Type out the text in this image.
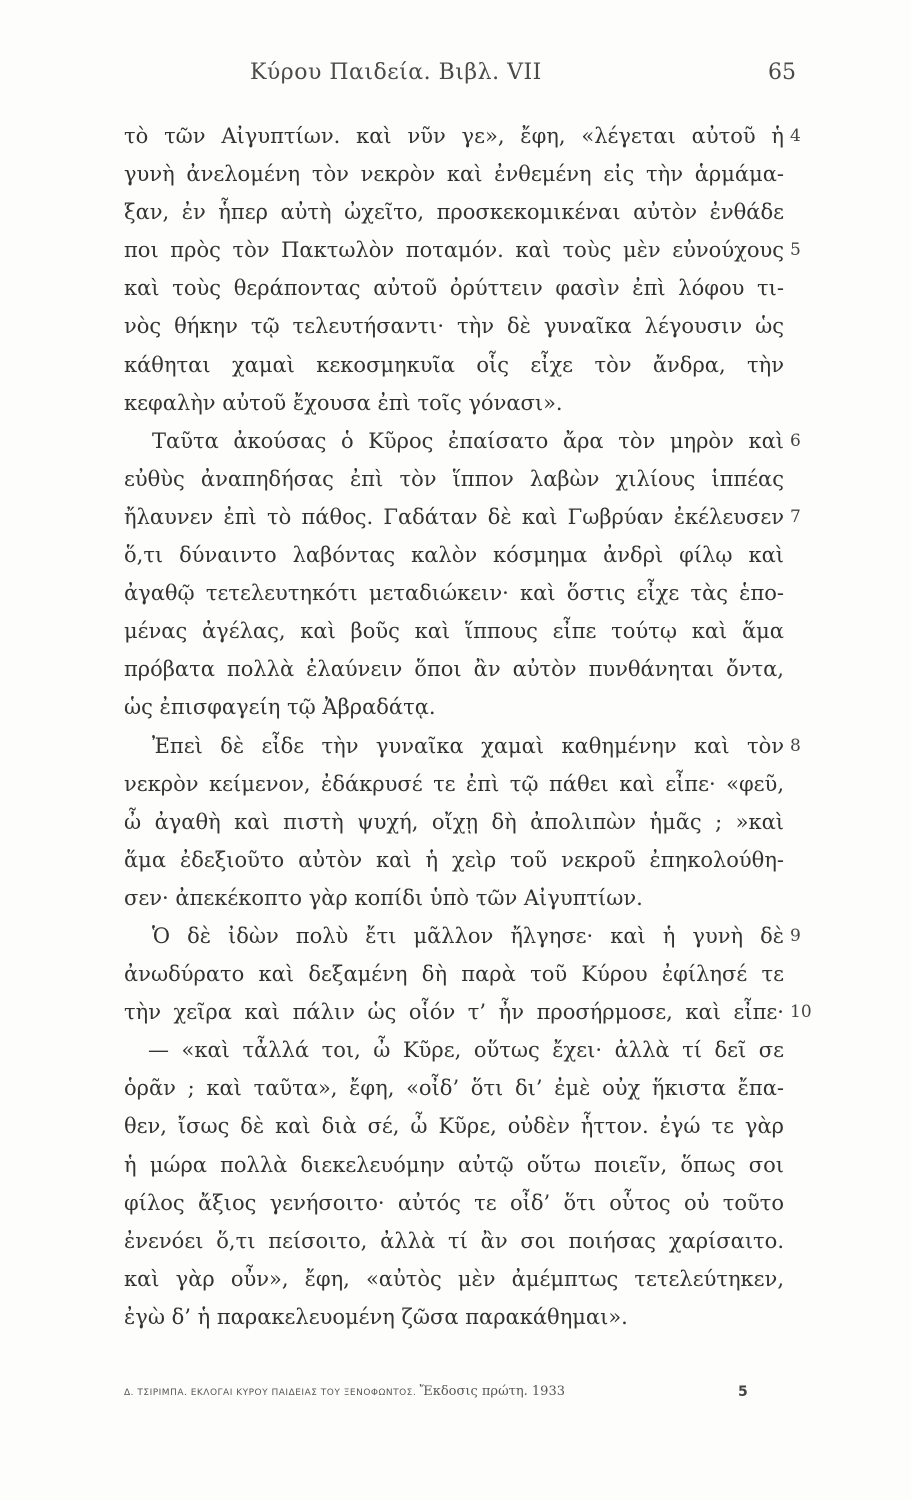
Κύρου Παιδεία. Βιβλ. VII	65
τὸ τῶν Αἰγυπτίων. καὶ νῦν γε», ἔφη, «λέγεται αὐτοῦ ἡ 4
γυνὴ ἀνελομένη τὸν νεκρὸν καὶ ἐνθεμένη εἰς τὴν ἁρμάμα-
ξαν, ἐν ἧπερ αὐτὴ ὠχεῖτο, προσκεκομικέναι αὐτὸν ἐνθάδε
ποι πρὸς τὸν Πακτωλὸν ποταμόν. καὶ τοὺς μὲν εὐνούχους 5
καὶ τοὺς θεράποντας αὐτοῦ ὀρύττειν φασὶν ἐπὶ λόφου τι-
νὸς θήκην τῷ τελευτήσαντι· τὴν δὲ γυναῖκα λέγουσιν ὡς
κάθηται χαμαὶ κεκοσμηκυῖα οἷς εἶχε τὸν ἄνδρα, τὴν
κεφαλὴν αὐτοῦ ἔχουσα ἐπὶ τοῖς γόνασι».
Ταῦτα ἀκούσας ὁ Κῦρος ἐπαίσατο ἄρα τὸν μηρὸν καὶ 6
εὐθὺς ἀναπηδήσας ἐπὶ τὸν ἵππον λαβὼν χιλίους ἱππέας
ἤλαυνεν ἐπὶ τὸ πάθος. Γαδάταν δὲ καὶ Γωβρύαν ἐκέλευσεν 7
ὅ,τι δύναιντο λαβόντας καλὸν κόσμημα ἀνδρὶ φίλῳ καὶ
ἀγαθῷ τετελευτηκότι μεταδιώκειν· καὶ ὅστις εἶχε τὰς ἑπο-
μένας ἀγέλας, καὶ βοῦς καὶ ἵππους εἶπε τούτῳ καὶ ἅμα
πρόβατα πολλὰ ἐλαύνειν ὅποι ἂν αὐτὸν πυνθάνηται ὄντα,
ὡς ἐπισφαγείη τῷ Ἀβραδάτᾳ.
Ἐπεὶ δὲ εἶδε τὴν γυναῖκα χαμαὶ καθημένην καὶ τὸν 8
νεκρὸν κείμενον, ἐδάκρυσέ τε ἐπὶ τῷ πάθει καὶ εἶπε· «φεῦ,
ὦ ἀγαθὴ καὶ πιστὴ ψυχή, οἴχῃ δὴ ἀπολιπὼν ἡμᾶς ; »καὶ
ἅμα ἐδεξιοῦτο αὐτὸν καὶ ἡ χεὶρ τοῦ νεκροῦ ἐπηκολούθη-
σεν· ἀπεκέκοπτο γὰρ κοπίδι ὑπὸ τῶν Αἰγυπτίων.
Ὁ δὲ ἰδὼν πολὺ ἔτι μᾶλλον ἤλγησε· καὶ ἡ γυνὴ δὲ 9
ἀνωδύρατο καὶ δεξαμένη δὴ παρὰ τοῦ Κύρου ἐφίλησέ τε
τὴν χεῖρα καὶ πάλιν ὡς οἷόν τ’ ἦν προσήρμοσε, καὶ εἶπε· 10
— «καὶ τἆλλά τοι, ὦ Κῦρε, οὕτως ἔχει· ἀλλὰ τί δεῖ σε
ὁρᾶν ; καὶ ταῦτα», ἔφη, «οἶδ’ ὅτι δι’ ἐμὲ οὐχ ἥκιστα ἔπα-
θεν, ἴσως δὲ καὶ διὰ σέ, ὦ Κῦρε, οὐδὲν ἧττον. ἐγώ τε γὰρ
ἡ μώρα πολλὰ διεκελευόμην αὐτῷ οὕτω ποιεῖν, ὅπως σοι
φίλος ἄξιος γενήσοιτο· αὐτός τε οἶδ’ ὅτι οὗτος οὐ τοῦτο
ἐνενόει ὅ,τι πείσοιτο, ἀλλὰ τί ἂν σοι ποιήσας χαρίσαιτο.
καὶ γὰρ οὖν», ἔφη, «αὐτὸς μὲν ἀμέμπτως τετελεύτηκεν,
ἐγὼ δ’ ἡ παρακελευομένη ζῶσα παρακάθημαι».
Δ. ΤΣΙΡΙΜΠΑ. ΕΚΛΟΓΑΙ ΚΥΡΟΥ ΠΑΙΔΕΙΑΣ ΤΟΥ ΞΕΝΟΦΩΝΤΟΣ. Ἔκδοσις πρώτη. 1933	5
